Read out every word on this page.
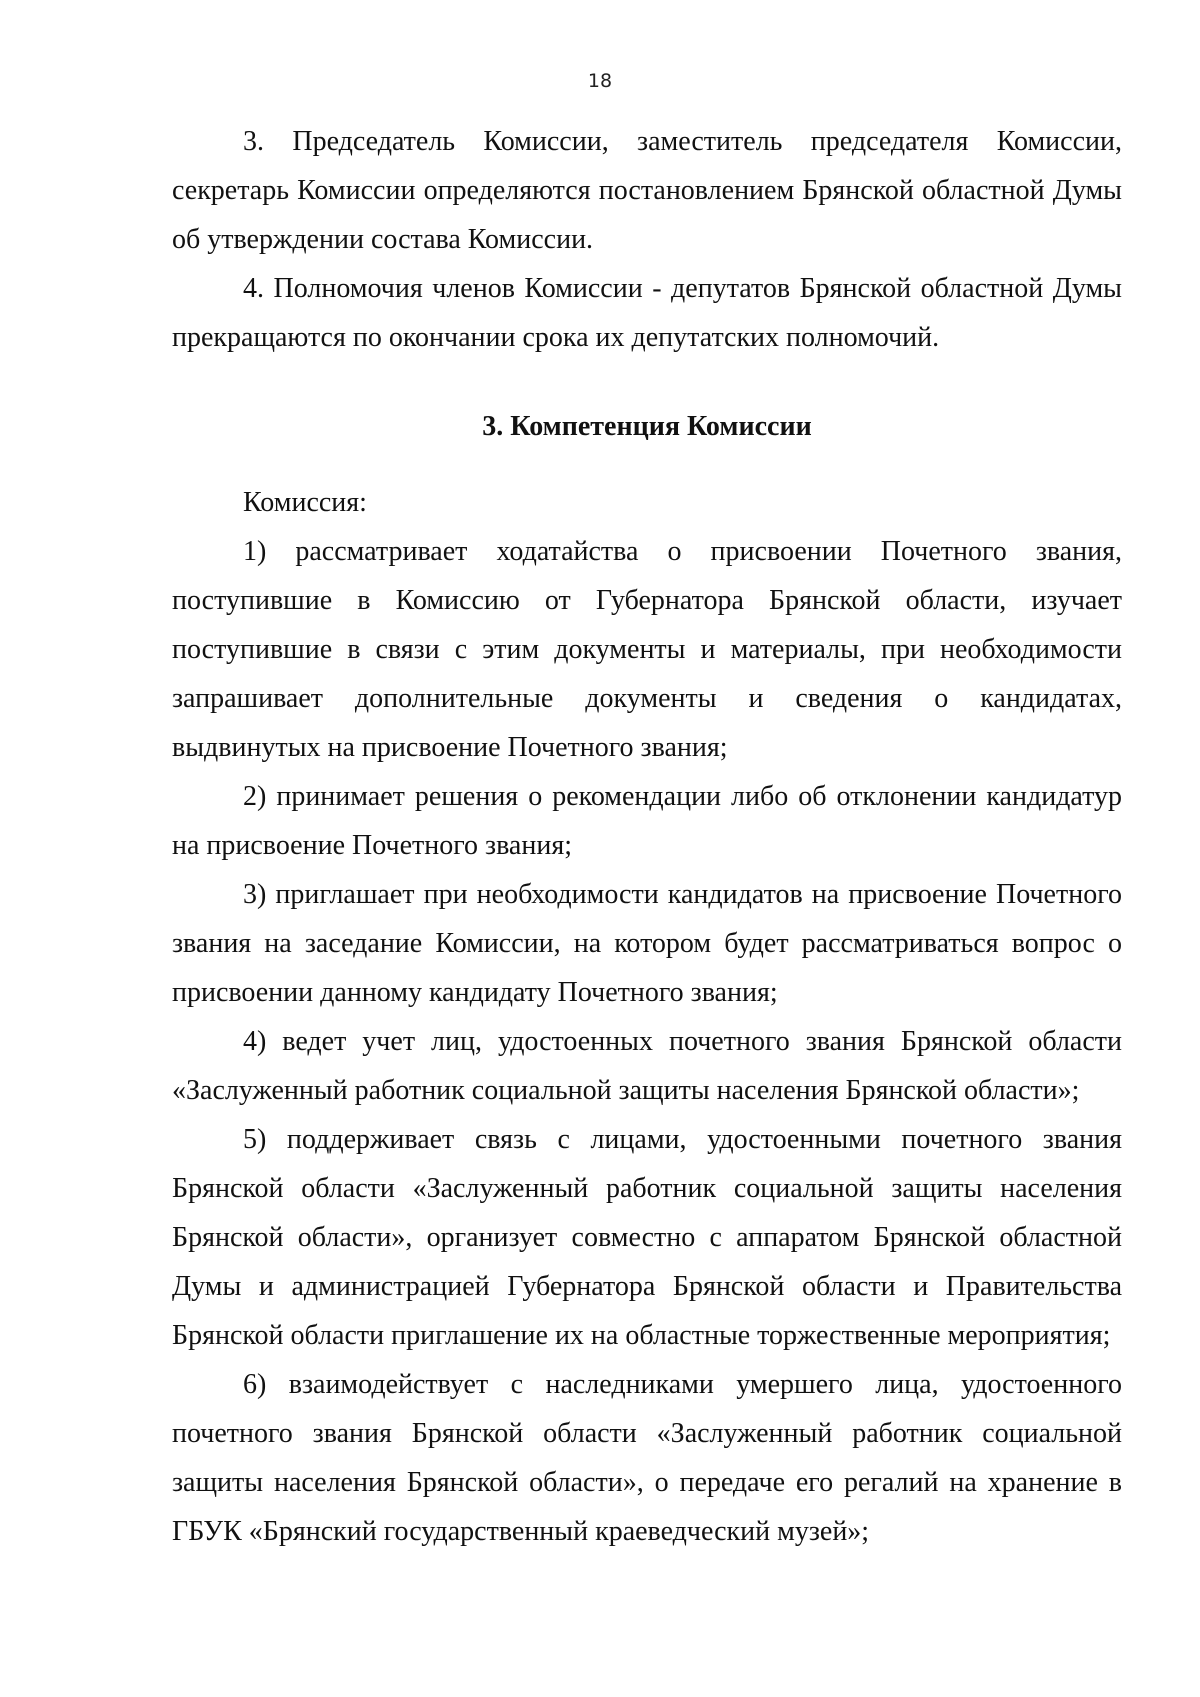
18

3. Председатель Комиссии, заместитель председателя Комиссии, секретарь Комиссии определяются постановлением Брянской областной Думы об утверждении состава Комиссии.

4. Полномочия членов Комиссии - депутатов Брянской областной Думы прекращаются по окончании срока их депутатских полномочий.

3. Компетенция Комиссии

Комиссия:

1) рассматривает ходатайства о присвоении Почетного звания, поступившие в Комиссию от Губернатора Брянской области, изучает поступившие в связи с этим документы и материалы, при необходимости запрашивает дополнительные документы и сведения о кандидатах, выдвинутых на присвоение Почетного звания;

2) принимает решения о рекомендации либо об отклонении кандидатур на присвоение Почетного звания;

3) приглашает при необходимости кандидатов на присвоение Почетного звания на заседание Комиссии, на котором будет рассматриваться вопрос о присвоении данному кандидату Почетного звания;

4) ведет учет лиц, удостоенных почетного звания Брянской области «Заслуженный работник социальной защиты населения Брянской области»;

5) поддерживает связь с лицами, удостоенными почетного звания Брянской области «Заслуженный работник социальной защиты населения Брянской области», организует совместно с аппаратом Брянской областной Думы и администрацией Губернатора Брянской области и Правительства Брянской области приглашение их на областные торжественные мероприятия;

6) взаимодействует с наследниками умершего лица, удостоенного почетного звания Брянской области «Заслуженный работник социальной защиты населения Брянской области», о передаче его регалий на хранение в ГБУК «Брянский государственный краеведческий музей»;
